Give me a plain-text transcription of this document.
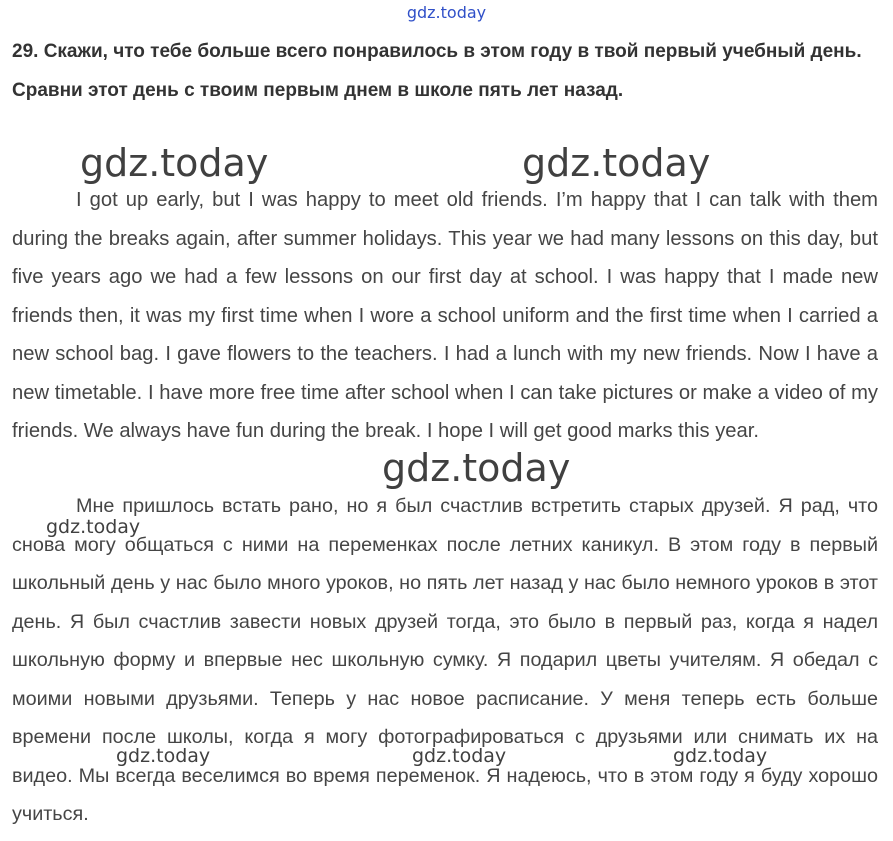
gdz.today
29. Скажи, что тебе больше всего понравилось в этом году в твой первый учебный день. Сравни этот день с твоим первым днем в школе пять лет назад.
I got up early, but I was happy to meet old friends. I’m happy that I can talk with them during the breaks again, after summer holidays. This year we had many lessons on this day, but five years ago we had a few lessons on our first day at school. I was happy that I made new friends then, it was my first time when I wore a school uniform and the first time when I carried a new school bag. I gave flowers to the teachers. I had a lunch with my new friends. Now I have a new timetable. I have more free time after school when I can take pictures or make a video of my friends. We always have fun during the break. I hope I will get good marks this year.
Мне пришлось встать рано, но я был счастлив встретить старых друзей. Я рад, что снова могу общаться с ними на переменках после летних каникул. В этом году в первый школьный день у нас было много уроков, но пять лет назад у нас было немного уроков в этот день. Я был счастлив завести новых друзей тогда, это было в первый раз, когда я надел школьную форму и впервые нес школьную сумку. Я подарил цветы учителям. Я обедал с моими новыми друзьями. Теперь у нас новое расписание. У меня теперь есть больше времени после школы, когда я могу фотографироваться с друзьями или снимать их на видео. Мы всегда веселимся во время переменок. Я надеюсь, что в этом году я буду хорошо учиться.
gdz.today	gdz.today
gdz.today
gdz.today
gdz.today	gdz.today	gdz.today
